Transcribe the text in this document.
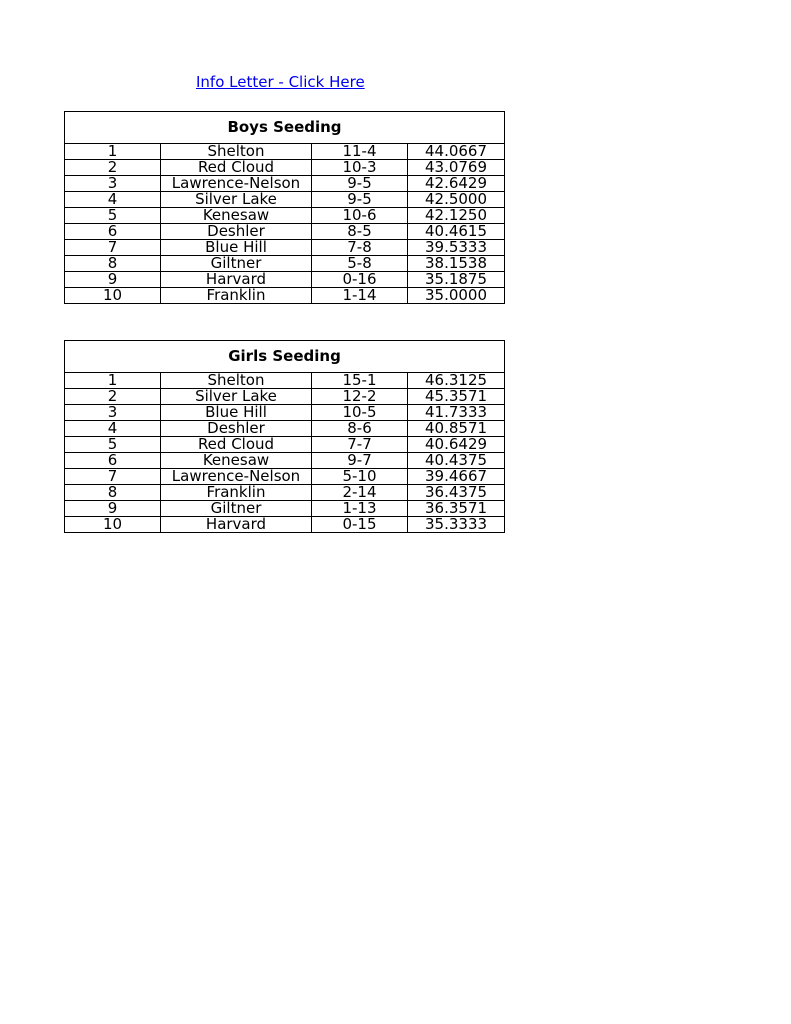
Info Letter - Click Here
Boys Seeding			
1	Shelton	11-4	44.0667
2	Red Cloud	10-3	43.0769
3	Lawrence-Nelson	9-5	42.6429
4	Silver Lake	9-5	42.5000
5	Kenesaw	10-6	42.1250
6	Deshler	8-5	40.4615
7	Blue Hill	7-8	39.5333
8	Giltner	5-8	38.1538
9	Harvard	0-16	35.1875
10	Franklin	1-14	35.0000
Girls Seeding			
1	Shelton	15-1	46.3125
2	Silver Lake	12-2	45.3571
3	Blue Hill	10-5	41.7333
4	Deshler	8-6	40.8571
5	Red Cloud	7-7	40.6429
6	Kenesaw	9-7	40.4375
7	Lawrence-Nelson	5-10	39.4667
8	Franklin	2-14	36.4375
9	Giltner	1-13	36.3571
10	Harvard	0-15	35.3333
